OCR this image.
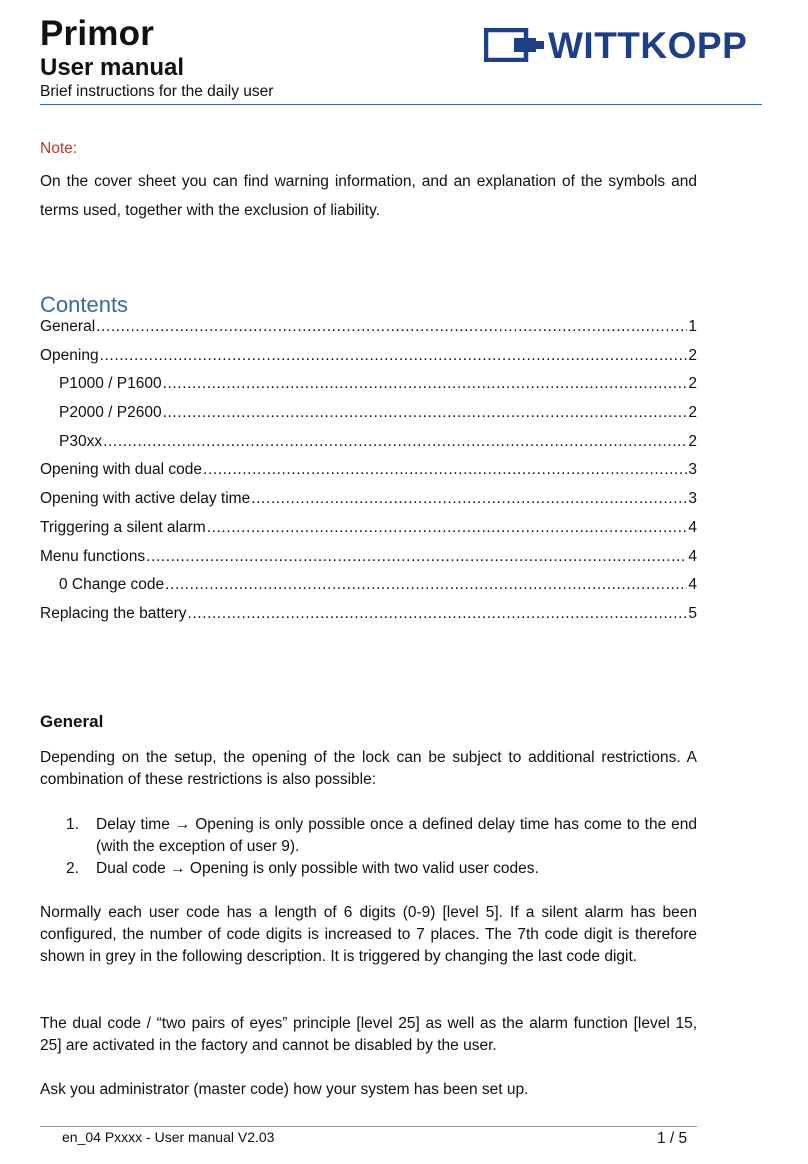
Primor
User manual
Brief instructions for the daily user
WITTKOPP
Note:
On the cover sheet you can find warning information, and an explanation of the symbols and terms used, together with the exclusion of liability.
Contents
General .....	1
Opening .....	2
P1000 / P1600 .....	2
P2000 / P2600 .....	2
P30xx .....	2
Opening with dual code .....	3
Opening with active delay time .....	3
Triggering a silent alarm .....	4
Menu functions .....	4
0 Change code .....	4
Replacing the battery .....	5
General
Depending on the setup, the opening of the lock can be subject to additional restrictions. A combination of these restrictions is also possible:
1.	Delay time → Opening is only possible once a defined delay time has come to the end (with the exception of user 9).
2.	Dual code → Opening is only possible with two valid user codes.
Normally each user code has a length of 6 digits (0-9) [level 5]. If a silent alarm has been configured, the number of code digits is increased to 7 places. The 7th code digit is therefore shown in grey in the following description. It is triggered by changing the last code digit.
The dual code / “two pairs of eyes” principle [level 25] as well as the alarm function [level 15, 25] are activated in the factory and cannot be disabled by the user.
Ask you administrator (master code) how your system has been set up.
en_04 Pxxxx - User manual V2.03	1 / 5
